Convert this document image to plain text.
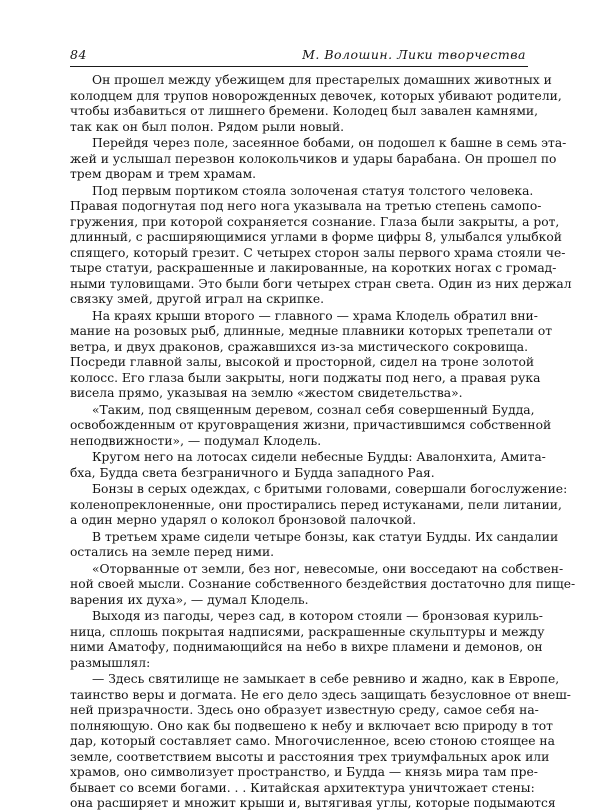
84	М. Волошин. Лики творчества

Он прошел между убежищем для престарелых домашних животных и
колодцем для трупов новорожденных девочек, которых убивают родители,
чтобы избавиться от лишнего бремени. Колодец был завален камнями,
так как он был полон. Рядом рыли новый.

Перейдя через поле, засеянное бобами, он подошел к башне в семь эта-
жей и услышал перезвон колокольчиков и удары барабана. Он прошел по
трем дворам и трем храмам.

Под первым портиком стояла золоченая статуя толстого человека.
Правая подогнутая под него нога указывала на третью степень самопо-
гружения, при которой сохраняется сознание. Глаза были закрыты, а рот,
длинный, с расширяющимися углами в форме цифры 8, улыбался улыбкой
спящего, который грезит. С четырех сторон залы первого храма стояли че-
тыре статуи, раскрашенные и лакированные, на коротких ногах с громад-
ными туловищами. Это были боги четырех стран света. Один из них держал
связку змей, другой играл на скрипке.

На краях крыши второго — главного — храма Клодель обратил вни-
мание на розовых рыб, длинные, медные плавники которых трепетали от
ветра, и двух драконов, сражавшихся из-за мистического сокровища.
Посреди главной залы, высокой и просторной, сидел на троне золотой
колосс. Его глаза были закрыты, ноги поджаты под него, а правая рука
висела прямо, указывая на землю «жестом свидетельства».

«Таким, под священным деревом, сознал себя совершенный Будда,
освобожденным от круговращения жизни, причастившимся собственной
неподвижности», — подумал Клодель.

Кругом него на лотосах сидели небесные Будды: Авалонхита, Амита-
бха, Будда света безграничного и Будда западного Рая.

Бонзы в серых одеждах, с бритыми головами, совершали богослужение:
коленопреклоненные, они простирались перед истуканами, пели литании,
а один мерно ударял о колокол бронзовой палочкой.

В третьем храме сидели четыре бонзы, как статуи Будды. Их сандалии
остались на земле перед ними.

«Оторванные от земли, без ног, невесомые, они восседают на собствен-
ной своей мысли. Сознание собственного бездействия достаточно для пище-
варения их духа», — думал Клодель.

Выходя из пагоды, через сад, в котором стояли — бронзовая куриль-
ница, сплошь покрытая надписями, раскрашенные скульптуры и между
ними Аматофу, поднимающийся на небо в вихре пламени и демонов, он
размышлял:

— Здесь святилище не замыкает в себе ревниво и жадно, как в Европе,
таинство веры и догмата. Не его дело здесь защищать безусловное от внеш-
ней призрачности. Здесь оно образует известную среду, самое себя на-
полняющую. Оно как бы подвешено к небу и включает всю природу в тот
дар, который составляет само. Многочисленное, всею стоною стоящее на
земле, соответствием высоты и расстояния трех триумфальных арок или
храмов, оно символизует пространство, и Будда — князь мира там пре-
бывает со всеми богами. . . Китайская архитектура уничтожает стены:
она расширяет и множит крыши и, вытягивая углы, которые подымаются
